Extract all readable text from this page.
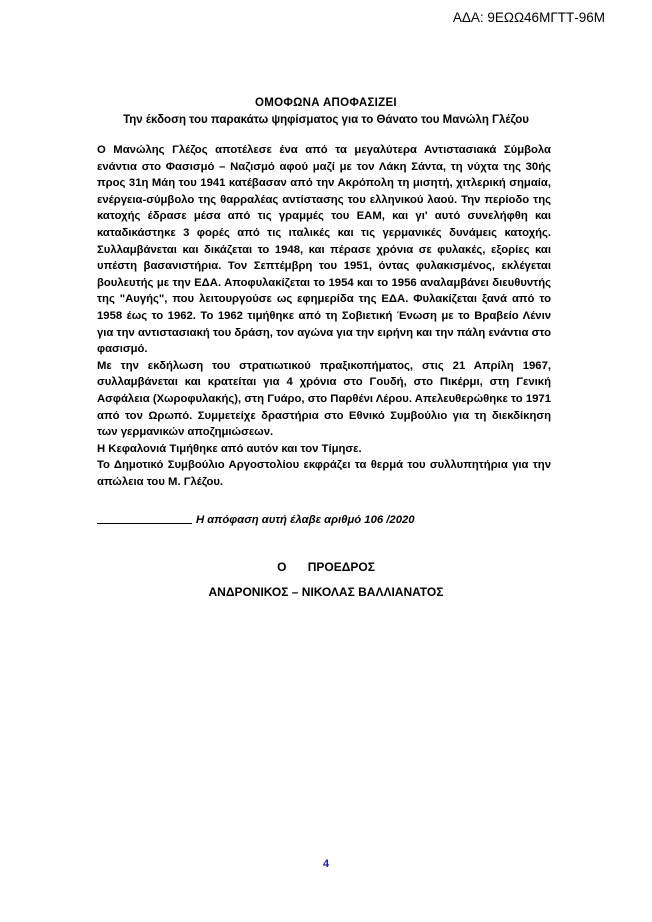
ΑΔΑ: 9ΕΩΩ46ΜΓΤΤ-96Μ
ΟΜΟΦΩΝΑ ΑΠΟΦΑΣΙΖΕΙ
Την έκδοση του παρακάτω ψηφίσματος για το Θάνατο του Μανώλη Γλέζου

Ο Μανώλης Γλέζος αποτέλεσε ένα από τα μεγαλύτερα Αντιστασιακά Σύμβολα ενάντια στο Φασισμό – Ναζισμό αφού μαζί με τον Λάκη Σάντα, τη νύχτα της 30ής προς 31η Μάη του 1941 κατέβασαν από την Ακρόπολη τη μισητή, χιτλερική σημαία, ενέργεια-σύμβολο της θαρραλέας αντίστασης του ελληνικού λαού. Την περίοδο της κατοχής έδρασε μέσα από τις γραμμές του ΕΑΜ, και γι' αυτό συνελήφθη και καταδικάστηκε 3 φορές από τις ιταλικές και τις γερμανικές δυνάμεις κατοχής. Συλλαμβάνεται και δικάζεται το 1948, και πέρασε χρόνια σε φυλακές, εξορίες και υπέστη βασανιστήρια. Τον Σεπτέμβρη του 1951, όντας φυλακισμένος, εκλέγεται βουλευτής με την ΕΔΑ. Αποφυλακίζεται το 1954 και το 1956 αναλαμβάνει διευθυντής της "Αυγής", που λειτουργούσε ως εφημερίδα της ΕΔΑ. Φυλακίζεται ξανά από το 1958 έως το 1962. Το 1962 τιμήθηκε από τη Σοβιετική Ένωση με το Βραβείο Λένιν για την αντιστασιακή του δράση, τον αγώνα για την ειρήνη και την πάλη ενάντια στο φασισμό.

Με την εκδήλωση του στρατιωτικού πραξικοπήματος, στις 21 Απρίλη 1967, συλλαμβάνεται και κρατείται για 4 χρόνια στο Γουδή, στο Πικέρμι, στη Γενική Ασφάλεια (Χωροφυλακής), στη Γυάρο, στο Παρθένι Λέρου. Απελευθερώθηκε το 1971 από τον Ωρωπό. Συμμετείχε δραστήρια στο Εθνικό Συμβούλιο για τη διεκδίκηση των γερμανικών αποζημιώσεων.

Η Κεφαλονιά Τιμήθηκε από αυτόν και τον Τίμησε.

Το Δημοτικό Συμβούλιο Αργοστολίου εκφράζει τα θερμά του συλλυπητήρια για την απώλεια του Μ. Γλέζου.

Η απόφαση αυτή έλαβε αριθμό 106 /2020
Ο ΠΡΟΕΔΡΟΣ
ΑΝΔΡΟΝΙΚΟΣ – ΝΙΚΟΛΑΣ ΒΑΛΛΙΑΝΑΤΟΣ
4
